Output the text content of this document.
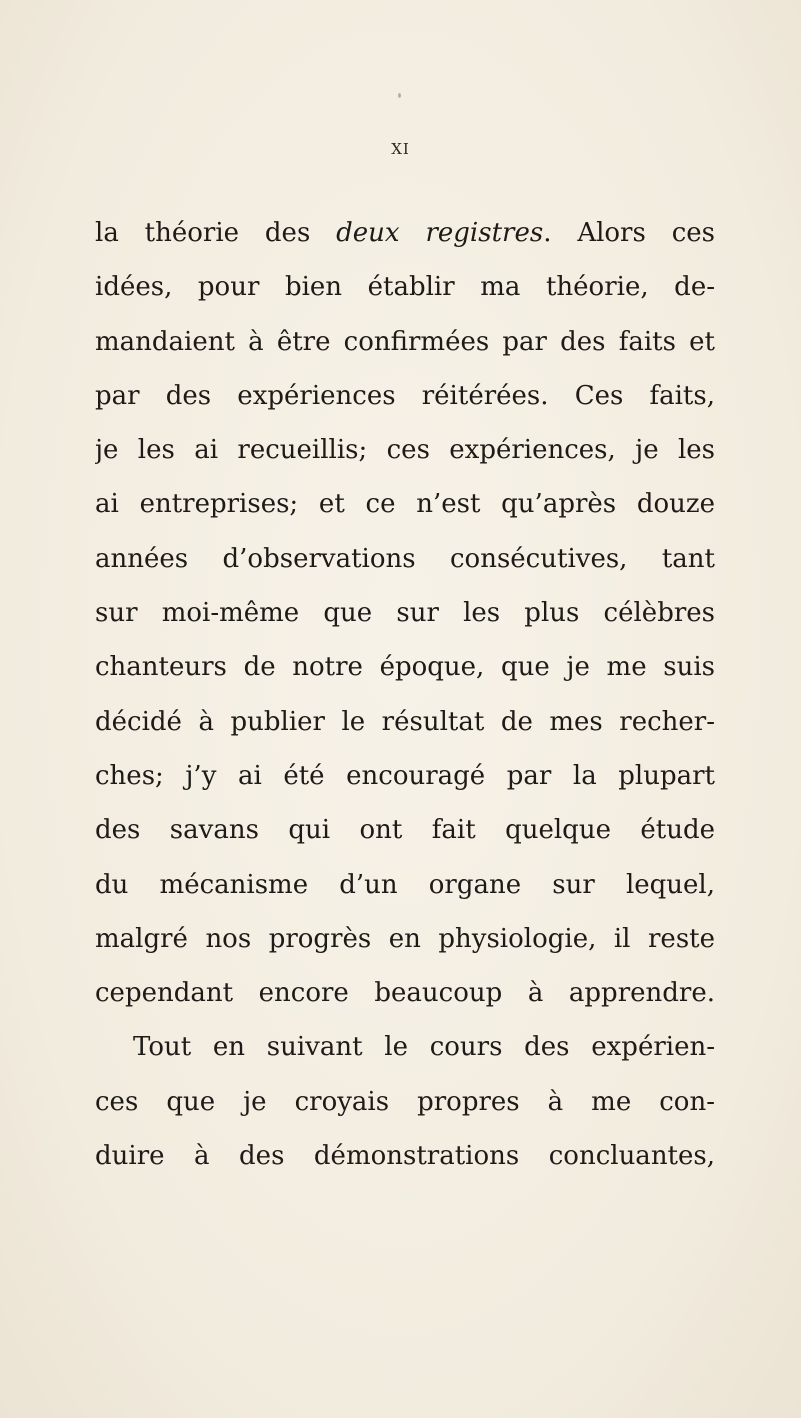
XI
la théorie des deux registres. Alors ces
idées, pour bien établir ma théorie, de-
mandaient à être confirmées par des faits et
par des expériences réitérées. Ces faits,
je les ai recueillis; ces expériences, je les
ai entreprises; et ce n’est qu’après douze
années d’observations consécutives, tant
sur moi-même que sur les plus célèbres
chanteurs de notre époque, que je me suis
décidé à publier le résultat de mes recher-
ches; j’y ai été encouragé par la plupart
des savans qui ont fait quelque étude
du mécanisme d’un organe sur lequel,
malgré nos progrès en physiologie, il reste
cependant encore beaucoup à apprendre.
Tout en suivant le cours des expérien-
ces que je croyais propres à me con-
duire à des démonstrations concluantes,
